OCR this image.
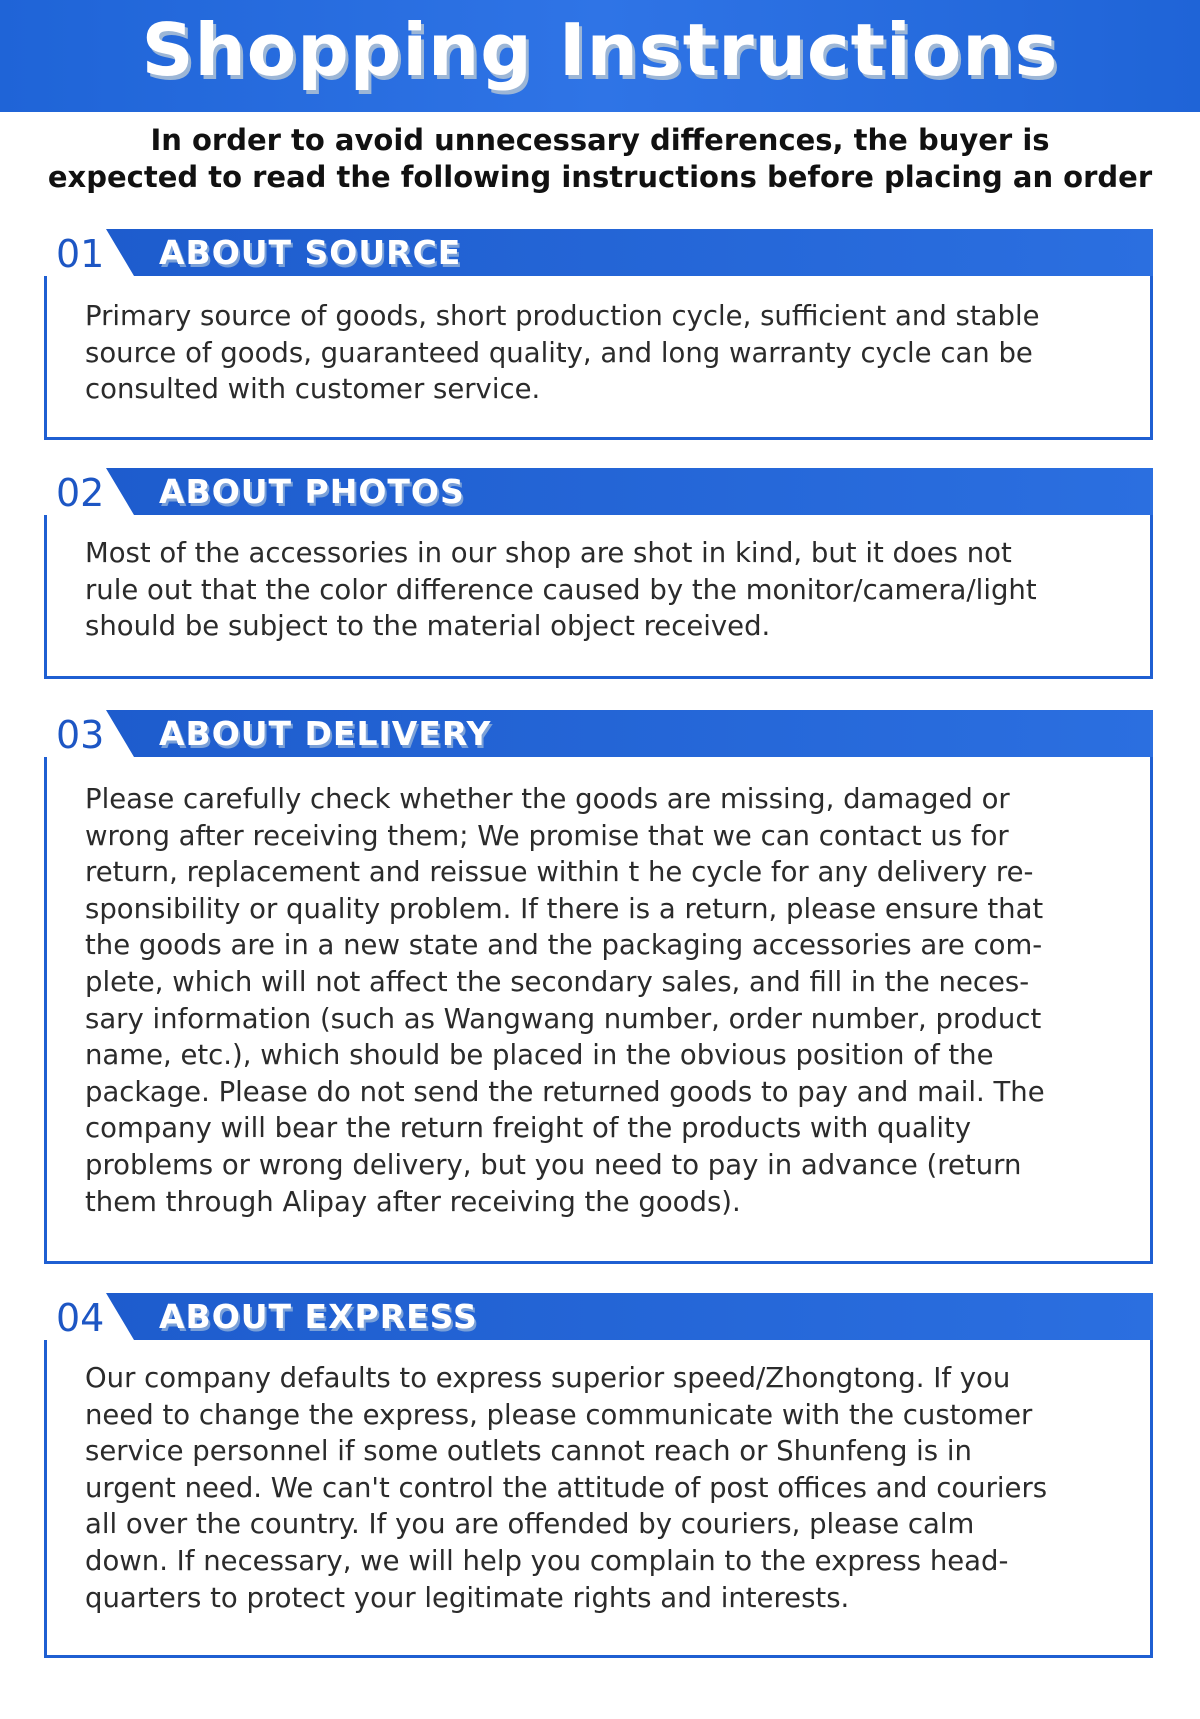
Shopping Instructions
In order to avoid unnecessary differences, the buyer is
expected to read the following instructions before placing an order
01 ABOUT SOURCE

Primary source of goods, short production cycle, sufficient and stable

source of goods, guaranteed quality, and long warranty cycle can be

consulted with customer service.

02 ABOUT PHOTOS

Most of the accessories in our shop are shot in kind, but it does not

rule out that the color difference caused by the monitor/camera/light

should be subject to the material object received.

03 ABOUT DELIVERY

Please carefully check whether the goods are missing, damaged or

wrong after receiving them; We promise that we can contact us for

return, replacement and reissue within t he cycle for any delivery re-

sponsibility or quality problem. If there is a return, please ensure that

the goods are in a new state and the packaging accessories are com-

plete, which will not affect the secondary sales, and fill in the neces-

sary information (such as Wangwang number, order number, product

name, etc.), which should be placed in the obvious position of the

package. Please do not send the returned goods to pay and mail. The

company will bear the return freight of the products with quality

problems or wrong delivery, but you need to pay in advance (return

them through Alipay after receiving the goods).

04 ABOUT EXPRESS

Our company defaults to express superior speed/Zhongtong. If you

need to change the express, please communicate with the customer

service personnel if some outlets cannot reach or Shunfeng is in

urgent need. We can't control the attitude of post offices and couriers

all over the country. If you are offended by couriers, please calm

down. If necessary, we will help you complain to the express head-

quarters to protect your legitimate rights and interests.
